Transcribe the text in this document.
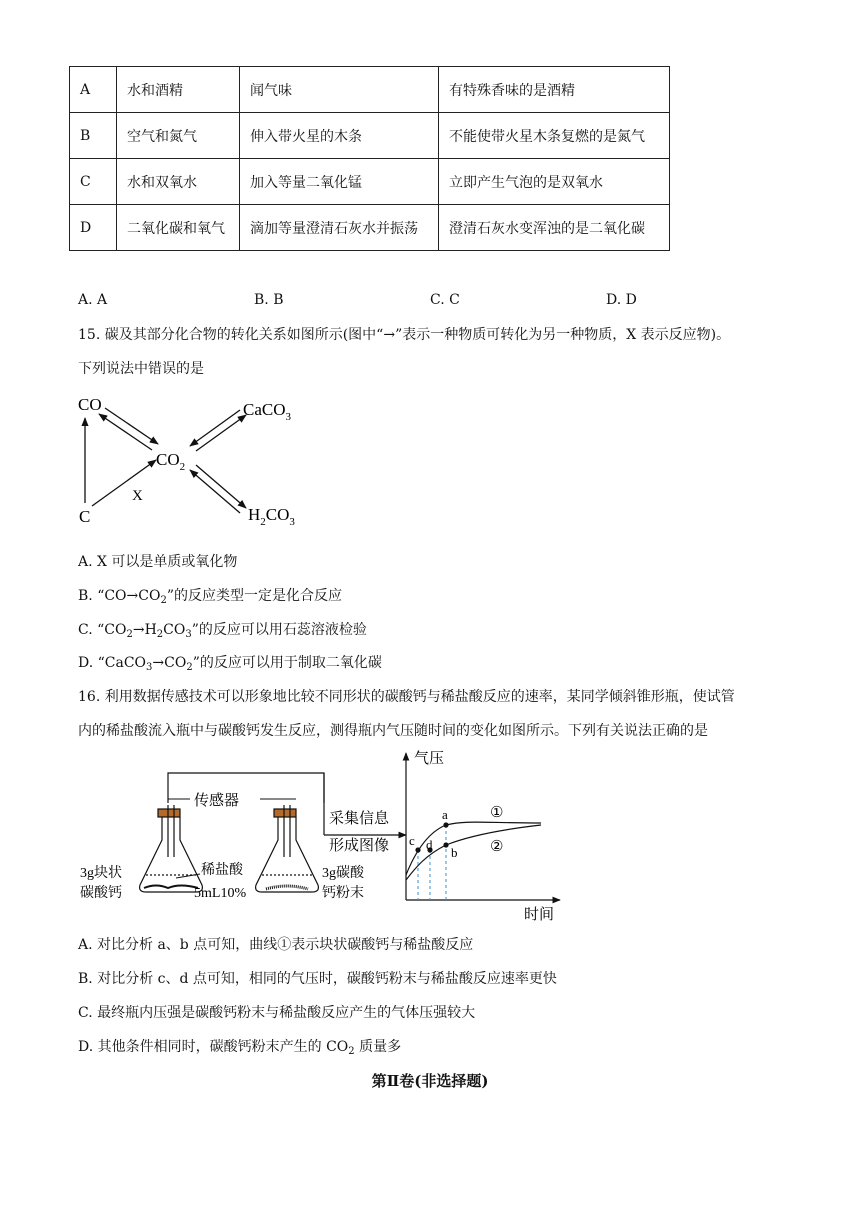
A	水和酒精	闻气味	有特殊香味的是酒精
B	空气和氮气	伸入带火星的木条	不能使带火星木条复燃的是氮气
C	水和双氧水	加入等量二氧化锰	立即产生气泡的是双氧水
D	二氧化碳和氧气	滴加等量澄清石灰水并振荡	澄清石灰水变浑浊的是二氧化碳
A. A	B. B	C. C	D. D
15. 碳及其部分化合物的转化关系如图所示(图中“→”表示一种物质可转化为另一种物质，X 表示反应物)。
下列说法中错误的是
CO
$CO_2$
CaCO$_3$
C
X
$H_2CO_3$
A. X 可以是单质或氧化物
B. “$CO\to CO_2$”的反应类型一定是化合反应
C. “$CO_2\to H_2CO_3$”的反应可以用石蕊溶液检验
D. “$CaCO_3\to CO_2$”的反应可以用于制取二氧化碳
16. 利用数据传感技术可以形象地比较不同形状的碳酸钙与稀盐酸反应的速率，某同学倾斜锥形瓶，使试管
内的稀盐酸流入瓶中与碳酸钙发生反应，测得瓶内气压随时间的变化如图所示。下列有关说法正确的是
传感器
采集信息
形成图像
3g块状
碳酸钙
稀盐酸
5mL10%
3g碳酸
钙粉末
气压
时间
a
b
c d
①
②
A. 对比分析 a、b 点可知，曲线①表示块状碳酸钙与稀盐酸反应
B. 对比分析 c、d 点可知，相同的气压时，碳酸钙粉末与稀盐酸反应速率更快
C. 最终瓶内压强是碳酸钙粉末与稀盐酸反应产生的气体压强较大
D. 其他条件相同时，碳酸钙粉末产生的 $CO_2$ 质量多
第Ⅱ卷(非选择题)
